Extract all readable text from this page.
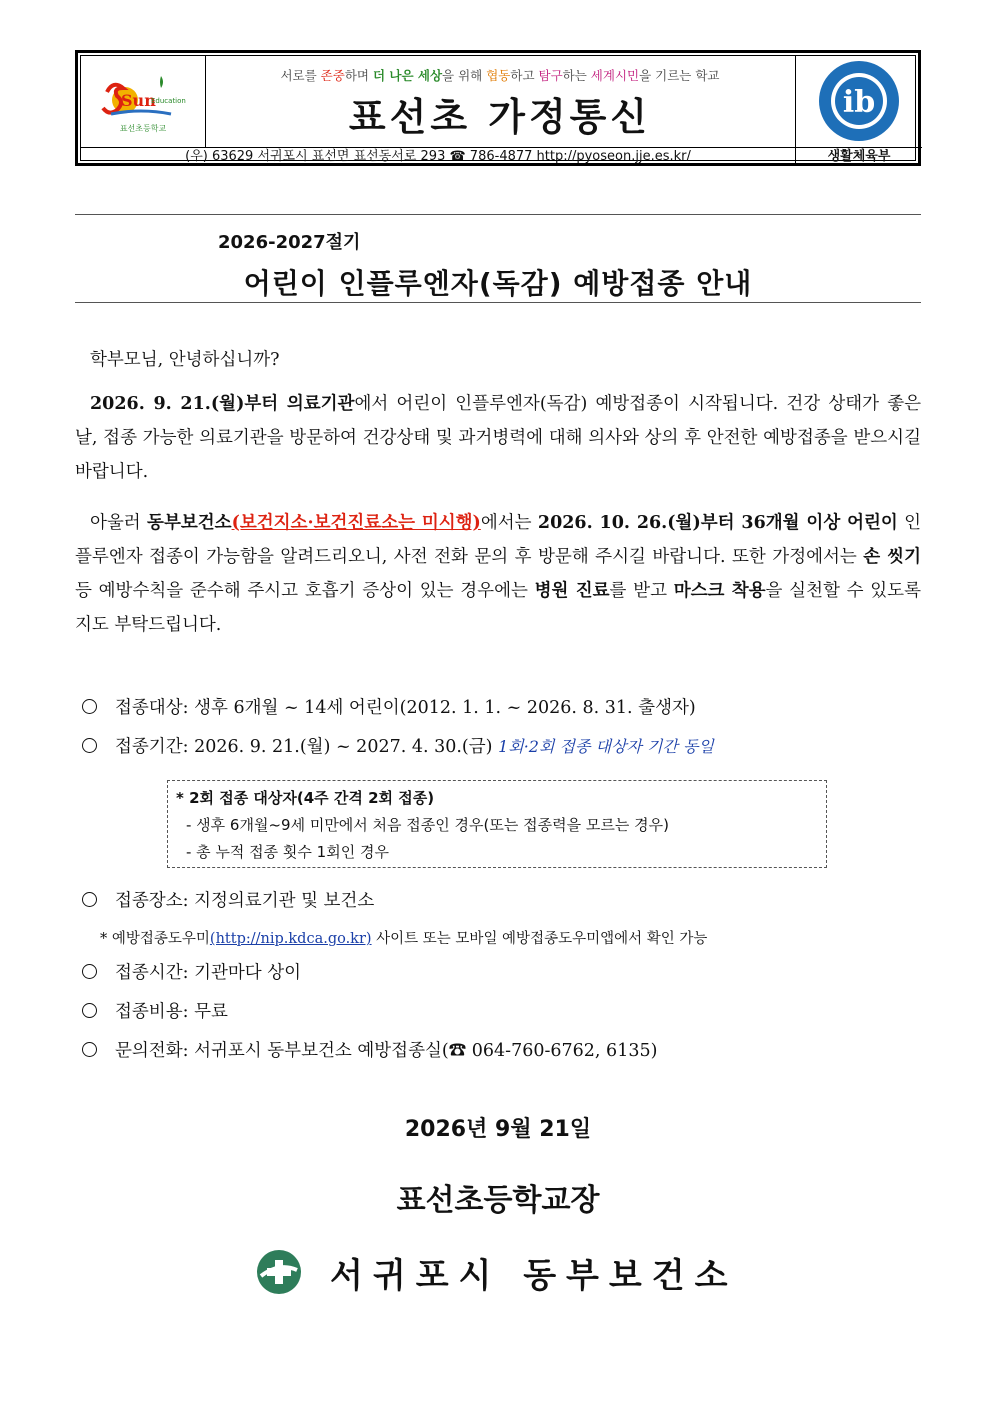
Sun
Education
표선초등학교
서로를 존중하며 더 나은 세상을 위해 협동하고 탐구하는 세계시민을 기르는 학교
표선초 가정통신	ib
(우) 63629 서귀포시 표선면 표선동서로 293 ☎ 786-4877 http://pyoseon.jje.es.kr/	생활체육부
2026-2027절기
어린이 인플루엔자(독감) 예방접종 안내
학부모님, 안녕하십니까?
2026. 9. 21.(월)부터 의료기관에서 어린이 인플루엔자(독감) 예방접종이 시작됩니다. 건강 상태가 좋은 날, 접종 가능한 의료기관을 방문하여 건강상태 및 과거병력에 대해 의사와 상의 후 안전한 예방접종을 받으시길 바랍니다.
아울러 동부보건소(보건지소·보건진료소는 미시행)에서는 2026. 10. 26.(월)부터 36개월 이상 어린이 인플루엔자 접종이 가능함을 알려드리오니, 사전 전화 문의 후 방문해 주시길 바랍니다. 또한 가정에서는 손 씻기 등 예방수칙을 준수해 주시고 호흡기 증상이 있는 경우에는 병원 진료를 받고 마스크 착용을 실천할 수 있도록 지도 부탁드립니다.
접종대상: 생후 6개월 ~ 14세 어린이(2012. 1. 1. ~ 2026. 8. 31. 출생자)
접종기간: 2026. 9. 21.(월) ~ 2027. 4. 30.(금) 1회·2회 접종 대상자 기간 동일
* 2회 접종 대상자(4주 간격 2회 접종)
- 생후 6개월~9세 미만에서 처음 접종인 경우(또는 접종력을 모르는 경우)
- 총 누적 접종 횟수 1회인 경우
접종장소: 지정의료기관 및 보건소
* 예방접종도우미(http://nip.kdca.go.kr) 사이트 또는 모바일 예방접종도우미앱에서 확인 가능
접종시간: 기관마다 상이
접종비용: 무료
문의전화: 서귀포시 동부보건소 예방접종실(☎ 064-760-6762, 6135)
2026년 9월 21일
표선초등학교장
서귀포시 동부보건소
